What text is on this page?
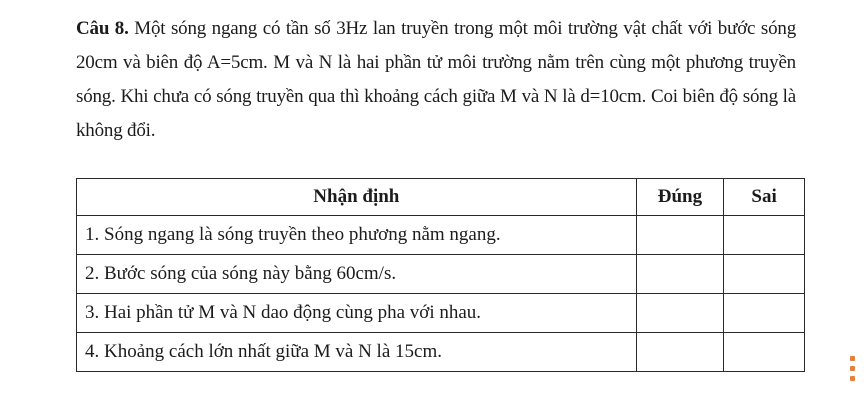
Câu 8. Một sóng ngang có tần số 3Hz lan truyền trong một môi trường vật chất với bước sóng 20cm và biên độ A=5cm. M và N là hai phần tử môi trường nằm trên cùng một phương truyền sóng. Khi chưa có sóng truyền qua thì khoảng cách giữa M và N là d=10cm. Coi biên độ sóng là không đổi.
Nhận định	Đúng	Sai
1. Sóng ngang là sóng truyền theo phương nằm ngang.		
2. Bước sóng của sóng này bằng 60cm/s.		
3. Hai phần tử M và N dao động cùng pha với nhau.		
4. Khoảng cách lớn nhất giữa M và N là 15cm.		
